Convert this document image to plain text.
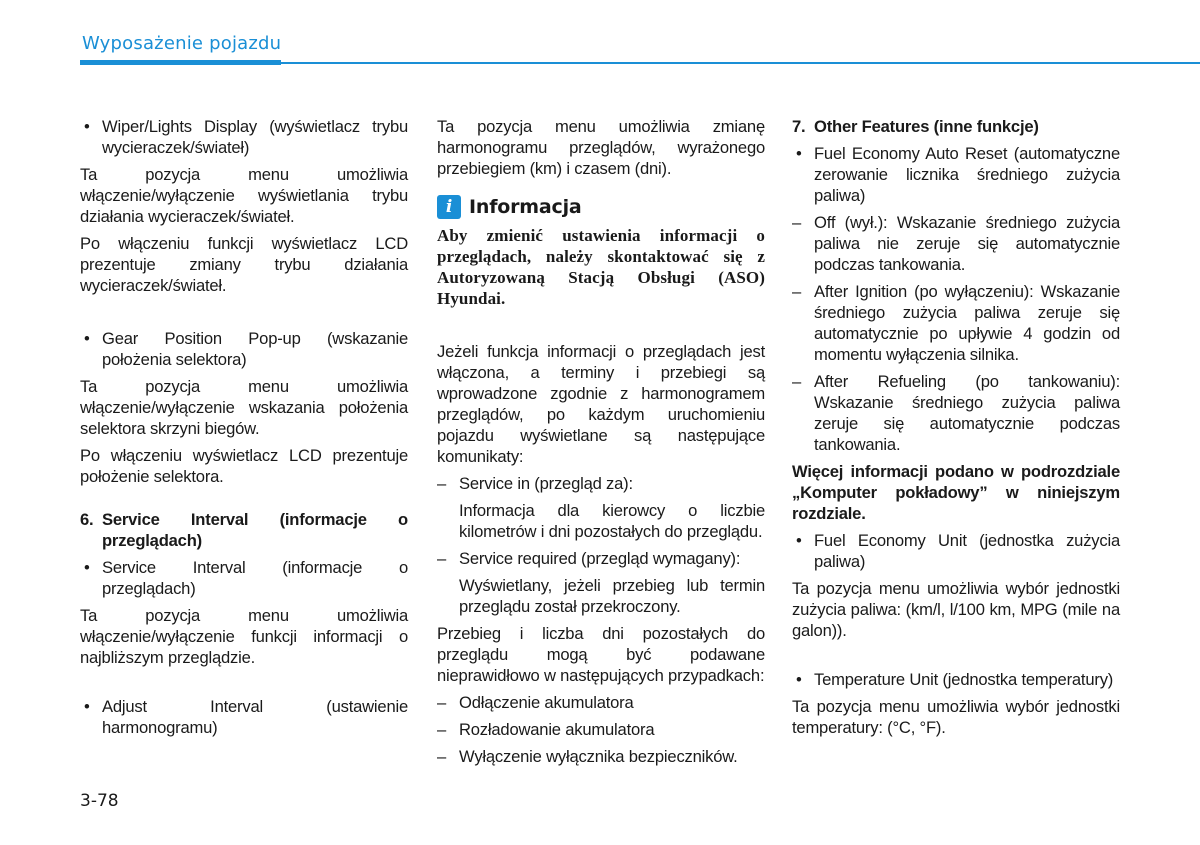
Wyposażenie pojazdu
• Wiper/Lights Display (wyświetlacz trybu wycieraczek/świateł)

Ta pozycja menu umożliwia włączenie/wyłączenie wyświetlania trybu działania wycieraczek/świateł.

Po włączeniu funkcji wyświetlacz LCD prezentuje zmiany trybu działania wycieraczek/świateł.

• Gear Position Pop-up (wskazanie położenia selektora)

Ta pozycja menu umożliwia włączenie/wyłączenie wskazania położenia selektora skrzyni biegów.

Po włączeniu wyświetlacz LCD prezentuje położenie selektora.

6. Service Interval (informacje o przeglądach)
• Service Interval (informacje o przeglądach)

Ta pozycja menu umożliwia włączenie/wyłączenie funkcji informacji o najbliższym przeglądzie.

• Adjust Interval (ustawienie harmonogramu)

Ta pozycja menu umożliwia zmianę harmonogramu przeglądów, wyrażonego przebiegiem (km) i czasem (dni).

i Informacja

Aby zmienić ustawienia informacji o przeglądach, należy skontaktować się z Autoryzowaną Stacją Obsługi (ASO) Hyundai.

Jeżeli funkcja informacji o przeglądach jest włączona, a terminy i przebiegi są wprowadzone zgodnie z harmonogramem przeglądów, po każdym uruchomieniu pojazdu wyświetlane są następujące komunikaty:

– Service in (przegląd za):

Informacja dla kierowcy o liczbie kilometrów i dni pozostałych do przeglądu.

– Service required (przegląd wymagany):

Wyświetlany, jeżeli przebieg lub termin przeglądu został przekroczony.

Przebieg i liczba dni pozostałych do przeglądu mogą być podawane nieprawidłowo w następujących przypadkach:

– Odłączenie akumulatora
– Rozładowanie akumulatora
– Wyłączenie wyłącznika bezpieczników.
7. Other Features (inne funkcje)
• Fuel Economy Auto Reset (automatyczne zerowanie licznika średniego zużycia paliwa)
– Off (wył.): Wskazanie średniego zużycia paliwa nie zeruje się automatycznie podczas tankowania.
– After Ignition (po wyłączeniu): Wskazanie średniego zużycia paliwa zeruje się automatycznie po upływie 4 godzin od momentu wyłączenia silnika.
– After Refueling (po tankowaniu): Wskazanie średniego zużycia paliwa zeruje się automatycznie podczas tankowania.

Więcej informacji podano w podrozdziale „Komputer pokładowy” w niniejszym rozdziale.

• Fuel Economy Unit (jednostka zużycia paliwa)

Ta pozycja menu umożliwia wybór jednostki zużycia paliwa: (km/l, l/100 km, MPG (mile na galon)).

• Temperature Unit (jednostka temperatury)

Ta pozycja menu umożliwia wybór jednostki temperatury: (°C, °F).

3-78
